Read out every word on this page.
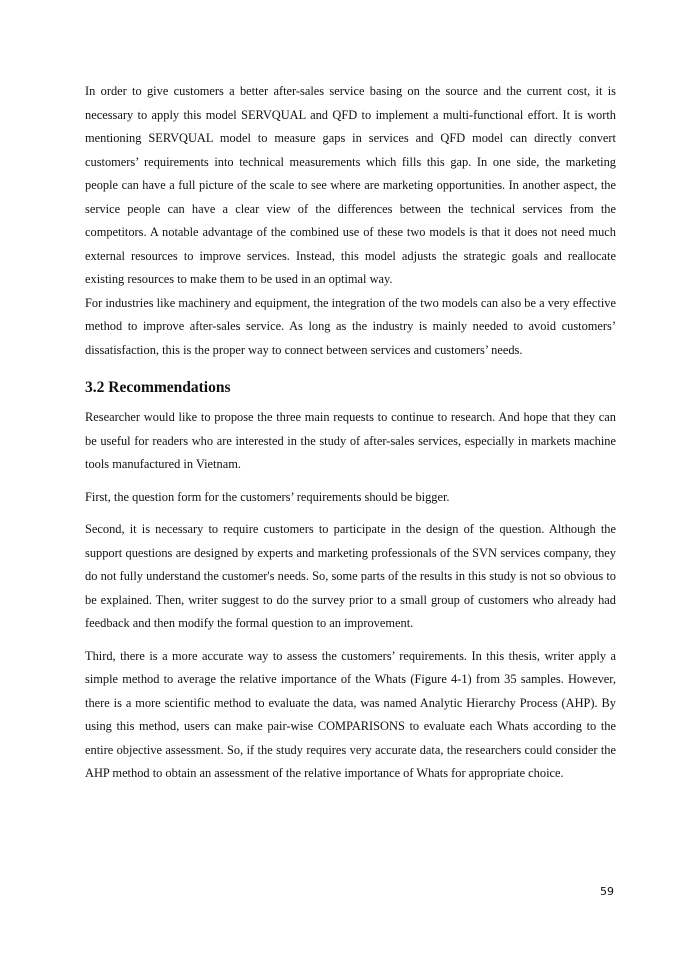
In order to give customers a better after-sales service basing on the source and the current cost, it is necessary to apply this model SERVQUAL and QFD to implement a multi-functional effort. It is worth mentioning SERVQUAL model to measure gaps in services and QFD model can directly convert customers’ requirements into technical measurements which fills this gap. In one side, the marketing people can have a full picture of the scale to see where are marketing opportunities. In another aspect, the service people can have a clear view of the differences between the technical services from the competitors. A notable advantage of the combined use of these two models is that it does not need much external resources to improve services. Instead, this model adjusts the strategic goals and reallocate existing resources to make them to be used in an optimal way.

For industries like machinery and equipment, the integration of the two models can also be a very effective method to improve after-sales service. As long as the industry is mainly needed to avoid customers’ dissatisfaction, this is the proper way to connect between services and customers’ needs.

3.2 Recommendations

Researcher would like to propose the three main requests to continue to research. And hope that they can be useful for readers who are interested in the study of after-sales services, especially in markets machine tools manufactured in Vietnam.

First, the question form for the customers’ requirements should be bigger.

Second, it is necessary to require customers to participate in the design of the question. Although the support questions are designed by experts and marketing professionals of the SVN services company, they do not fully understand the customer's needs. So, some parts of the results in this study is not so obvious to be explained. Then, writer suggest to do the survey prior to a small group of customers who already had feedback and then modify the formal question to an improvement.

Third, there is a more accurate way to assess the customers’ requirements. In this thesis, writer apply a simple method to average the relative importance of the Whats (Figure 4-1) from 35 samples. However, there is a more scientific method to evaluate the data, was named Analytic Hierarchy Process (AHP). By using this method, users can make pair-wise COMPARISONS to evaluate each Whats according to the entire objective assessment. So, if the study requires very accurate data, the researchers could consider the AHP method to obtain an assessment of the relative importance of Whats for appropriate choice.

59
